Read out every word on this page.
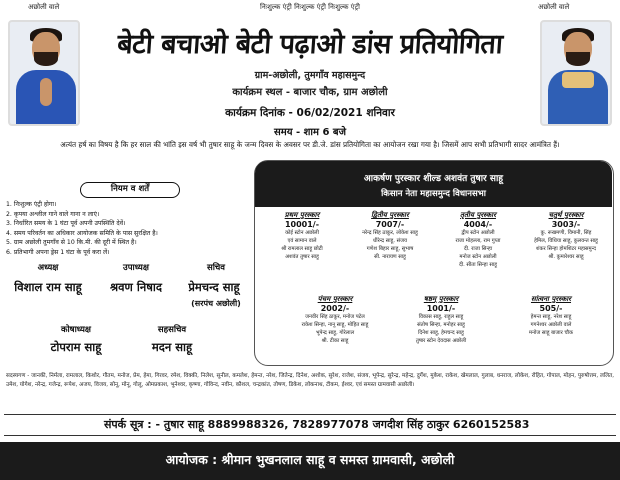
अछोली वाले	निःशुल्क एंट्री निःशुल्क एंट्री निःशुल्क एंट्री	अछोली वाले
बेटी बचाओ बेटी पढ़ाओ डांस प्रतियोगिता
ग्राम-अछोली, तुमगाँव महासमुन्द
कार्यक्रम स्थल - बाजार चौक, ग्राम अछोली
कार्यक्रम दिनांक - 06/02/2021 शनिवार
समय - शाम 6 बजे
अत्यंत हर्ष का विषय है कि हर साल की भांति इस वर्ष भी तुषार साहू के जन्म दिवस के अवसर पर डी.जे. डांस प्रतियोगिता का आयोजन रखा गया है। जिसमें आप सभी प्रतिभागी सादर आमंत्रित हैं।
नियम व शर्तें
1. निःशुल्क एंट्री होगा।
2. कृपया अश्लील गाने वाले गाना न लाएं।
3. निर्धारित समय के 1 घंटा पूर्व अपनी उपस्थिति देवें।
4. समय परिवर्तन का अधिकार आयोजक समिति के पास सुरक्षित है।
5. ग्राम अछोली तुमगाँव से 10 कि.मी. की दूरी में स्थित है।
6. प्रतिभागी अपना ड्रेस 1 घंटा के पूर्व करा लें।
अध्यक्ष
विशाल राम साहू
उपाध्यक्ष
श्रवण निषाद
सचिव
प्रेमचन्द साहू
(सरपंच अछोली)
कोषाध्यक्ष
टोपराम साहू
सहसचिव
मदन साहू
आकर्षण पुरस्कार शील्ड अशवंत तुषार साहू
किसान नेता महासमुन्द विधानसभा
प्रथम पुरस्कार
10001/-
कोई स्टोन अछोली
एवं सामान वाले
श्री रामलाल साहू छोटी
अशवंत तुषार साहू
द्वितीय पुरस्कार
7007/-
नरेन्द्र सिंह ठाकुर, लोकेश साहू
धीरेन्द्र साहू, संजय
गणेश बिहार साहू, सुभाष
सी. नारायण साहू
तृतीय पुरस्कार
4004/-
द्वीप स्टोन अछोली
राजा मोहल्ला, राम गुप्ता
दी. राजा सिन्हा
मनोज स्टोन अछोली
दी. सीता सिन्हा साहू
चतुर्थ पुरस्कार
3003/-
कु. रूखमणी, विमानी, सिंह
हेमिल, विधिया साहू, कुलवन्त साहू
शंकर सिन्हा होमशिटर महासमुन्द
श्री. कुमारेश्वर साहू
पंचम पुरस्कार
2002/-
जनवीर सिंह ठाकुर, मनोज पटेल
राकेश सिन्हा, नानू साहू, मोहित साहू
भूपेन्द्र साहू, गोरेलाल
श्री. टीका साहू
षष्ठम् पुरस्कार
1001/-
विकास साहू, राहुल साहू
संतोष सिन्हा, मनोहर साहू
दिनेश साहू, हेमचन्द साहू
तुषार स्टोन देवदास अछोली
सांत्वना पुरस्कार
505/-
हेमन्त साहू, नरेश साहू
गगनेश्वर अछोली वाले
मनोज साहू बाजार चौक
सदस्यगण - जानकी, निर्मला, रामलाल, किशोर, गौतम, मनोज, प्रेम, हेमा, गिरवर, रमेश, विक्की, निलेश, सुनील, कमलेश, हेमन्त, नरेश, जितेन्द्र, दिनेश, अशोक, सुरेश, राजेश, संजय, भूपेन्द्र, सुरेन्द्र, महेन्द्र, दुर्गेश, मुकेश, राकेश, खेमलाल, गुलाब, धनराज, लोकेश, रोहित, गोपाल, मोहन, पुरुषोत्तम, ललित, उमेश, योगेश, नरेन्द्र, गजेन्द्र, रूपेश, अजय, विजय, सोनू, मोनू, गोलू, ओमप्रकाश, भुनेश्वर, कृष्णा, गोविन्द, नवीन, कौशल, चन्द्रकांत, तोषण, डिकेश, लोकनाथ, टीकम, ईश्वर, एवं समस्त ग्रामवासी अछोली।
संपर्क सूत्र : - तुषार साहू 8889988326, 7828977078 जगदीश सिंह ठाकुर 6260152583
आयोजक : श्रीमान भुखनलाल साहू व समस्त ग्रामवासी, अछोली
